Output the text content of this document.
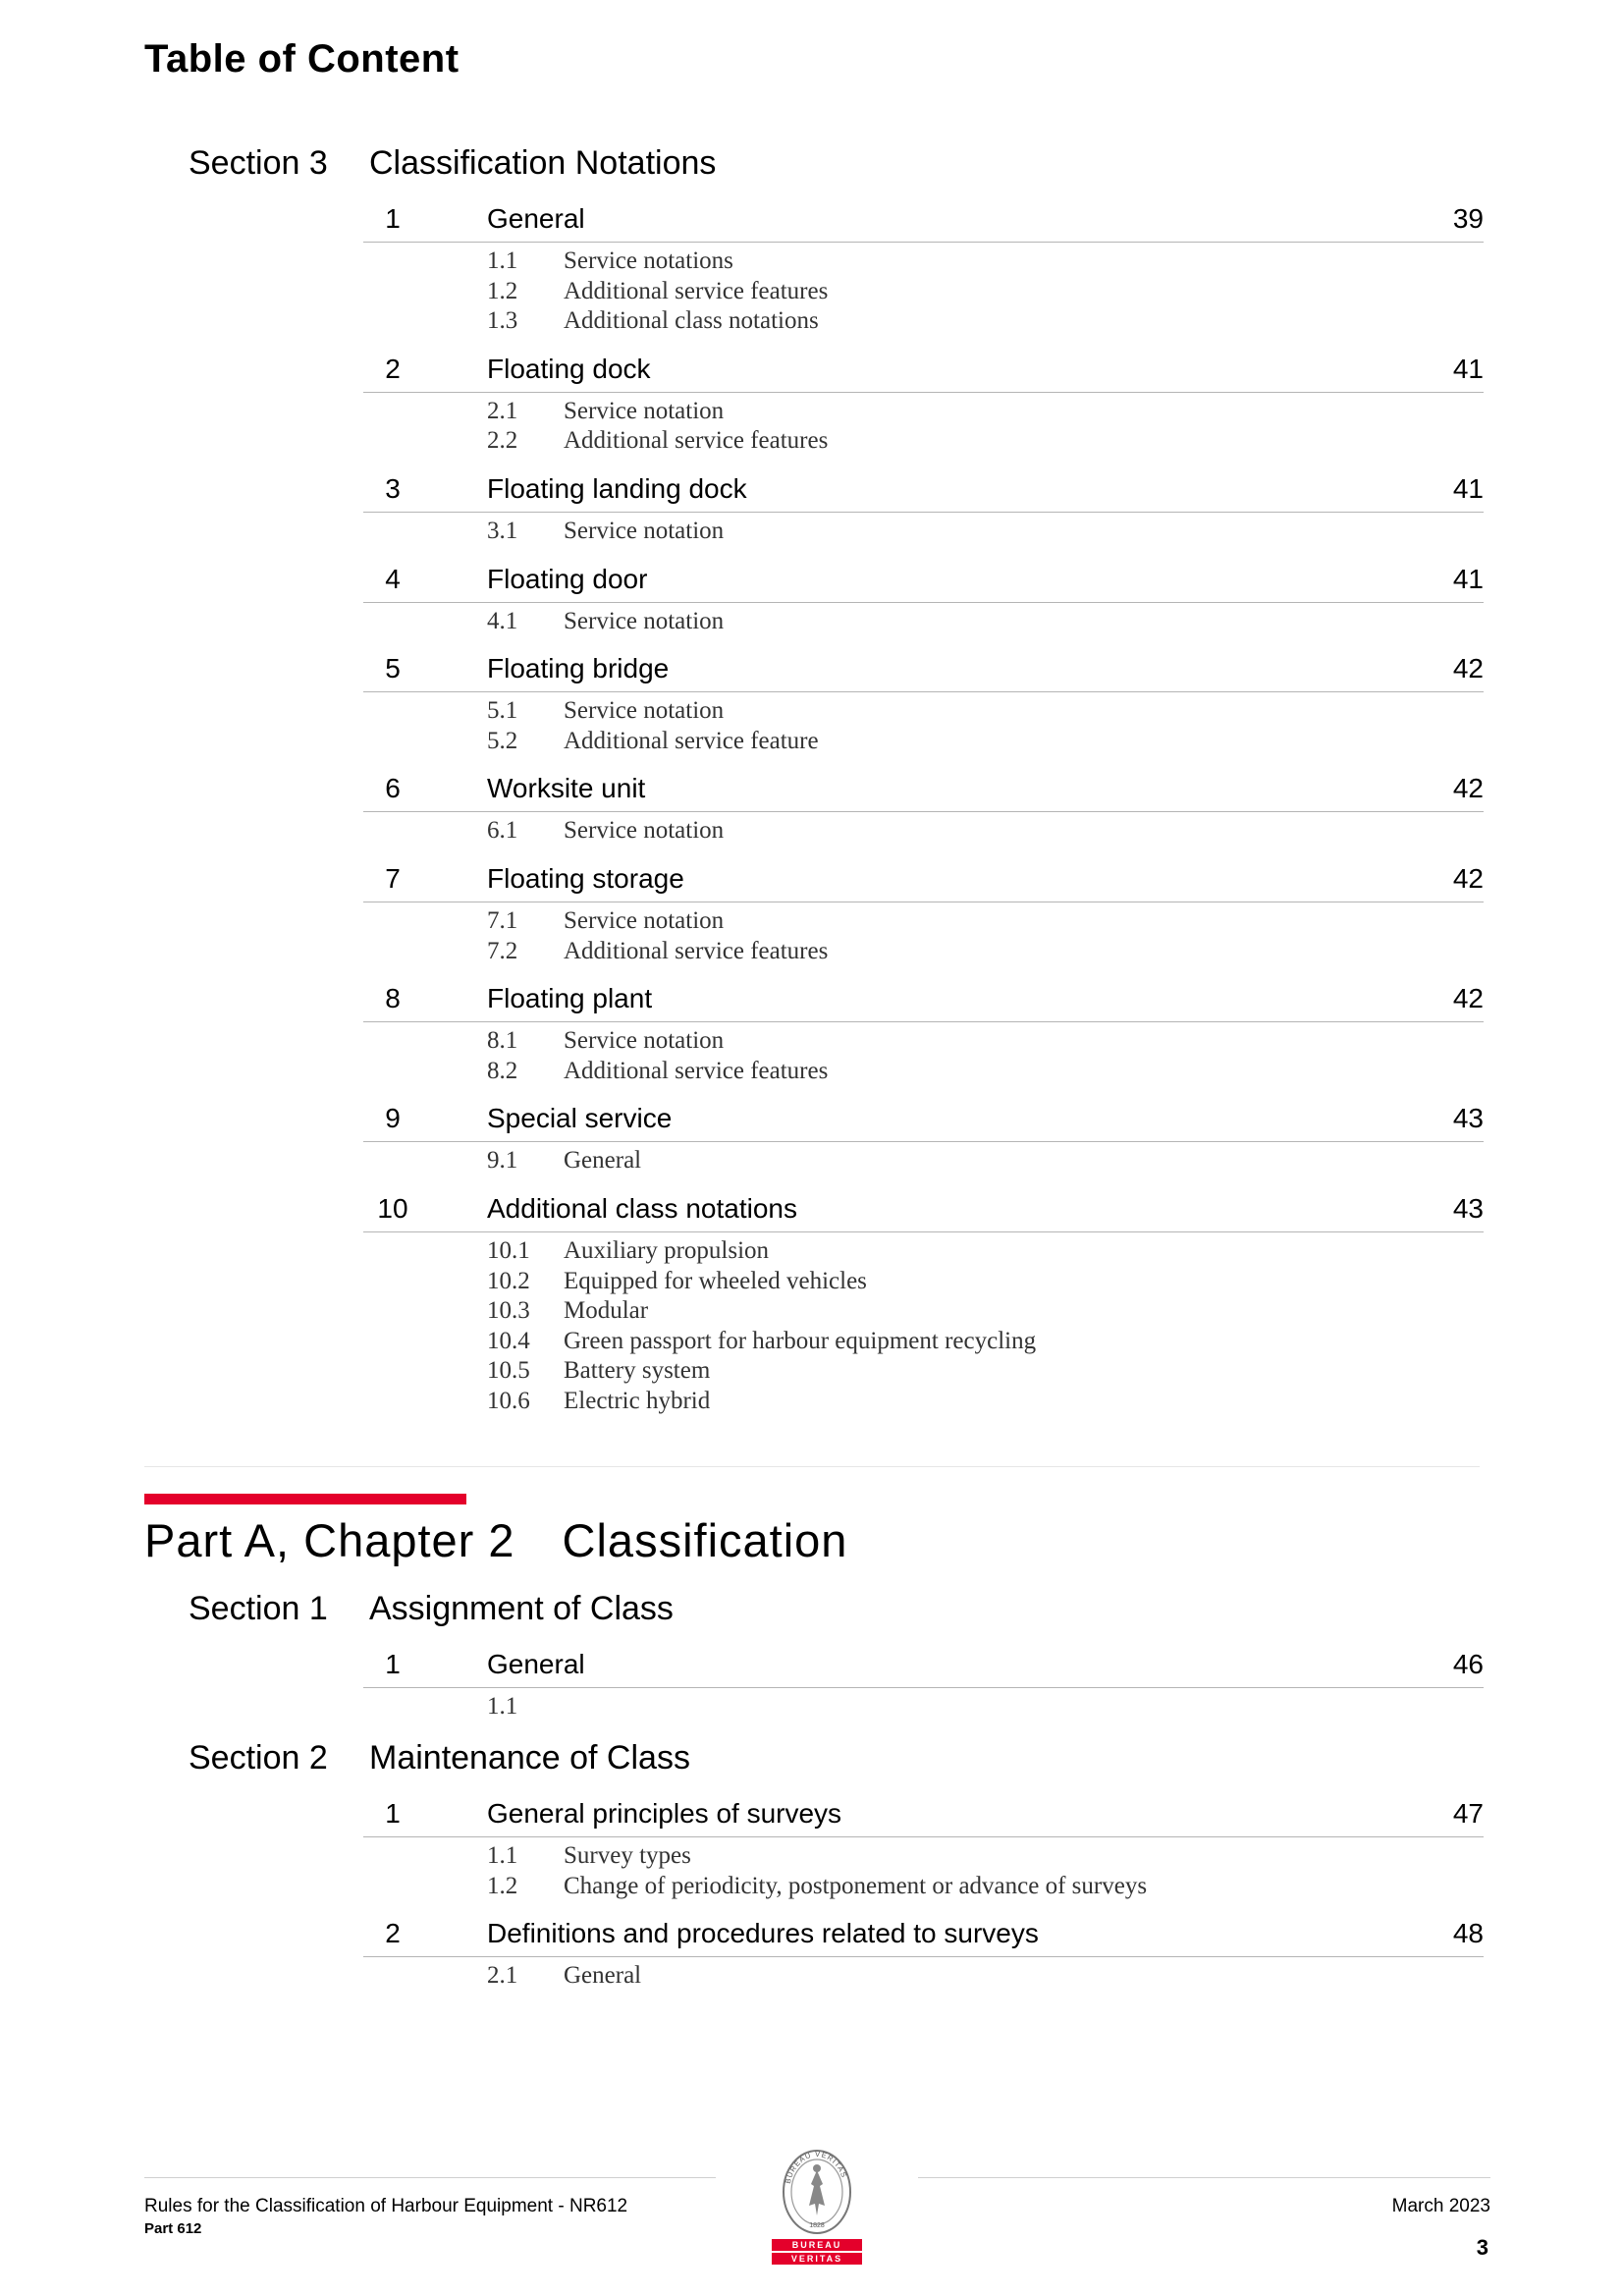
Table of Content
Section 3 Classification Notations
1	General	39
1.1 Service notations
1.2 Additional service features
1.3 Additional class notations
2	Floating dock	41
2.1 Service notation
2.2 Additional service features
3	Floating landing dock	41
3.1 Service notation
4	Floating door	41
4.1 Service notation
5	Floating bridge	42
5.1 Service notation
5.2 Additional service feature
6	Worksite unit	42
6.1 Service notation
7	Floating storage	42
7.1 Service notation
7.2 Additional service features
8	Floating plant	42
8.1 Service notation
8.2 Additional service features
9	Special service	43
9.1 General
10	Additional class notations	43
10.1 Auxiliary propulsion
10.2 Equipped for wheeled vehicles
10.3 Modular
10.4 Green passport for harbour equipment recycling
10.5 Battery system
10.6 Electric hybrid
Part A, Chapter 2 Classification
Section 1 Assignment of Class
1	General	46
1.1
Section 2 Maintenance of Class
1	General principles of surveys	47
1.1 Survey types
1.2 Change of periodicity, postponement or advance of surveys
2	Definitions and procedures related to surveys	48
2.1 General
Rules for the Classification of Harbour Equipment - NR612
Part 612
March 2023
3
BUREAU VERITAS
1828
BUREAU
VERITAS
